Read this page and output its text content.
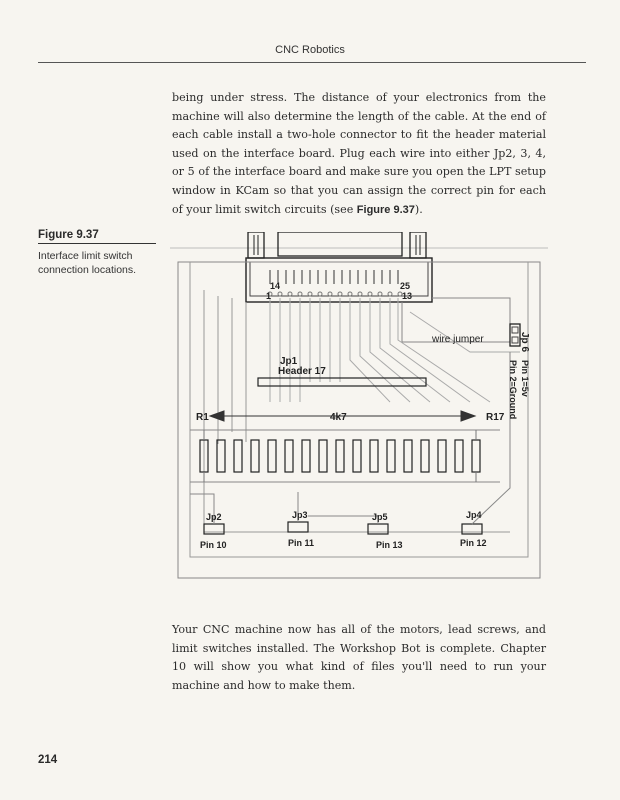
CNC Robotics

being under stress. The distance of your electronics from the machine will also determine the length of the cable. At the end of each cable install a two-hole connector to fit the header material used on the interface board. Plug each wire into either Jp2, 3, 4, or 5 of the interface board and make sure you open the LPT setup window in KCam so that you can assign the correct pin for each of your limit switch circuits (see Figure 9.37).

Figure 9.37
Interface limit switch connection locations.
14
1
25
13
wire jumper	Jp 6
Pin 1=5v
Pin 2=Ground
Jp1
Header 17
R1	4k7	R17
Jp2	Jp3	Jp5	Jp4
Pin 10	Pin 11	Pin 13	Pin 12

Your CNC machine now has all of the motors, lead screws, and limit switches installed. The Workshop Bot is complete. Chapter 10 will show you what kind of files you'll need to run your machine and how to make them.

214
